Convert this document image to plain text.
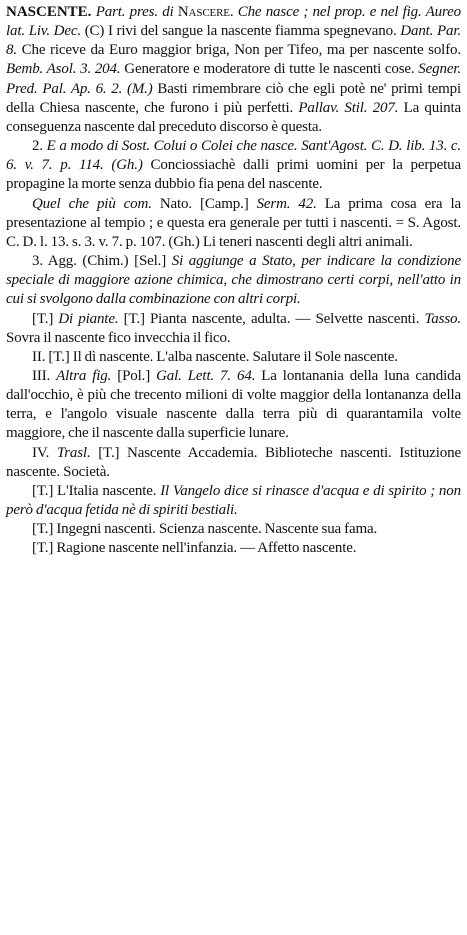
NASCENTE. Part. pres. di Nascere. Che nasce ; nel prop. e nel fig. Aureo lat. Liv. Dec. (C) I rivi del sangue la nascente fiamma spegnevano. Dant. Par. 8. Che riceve da Euro maggior briga, Non per Tifeo, ma per nascente solfo. Bemb. Asol. 3. 204. Generatore e moderatore di tutte le nascenti cose. Segner. Pred. Pal. Ap. 6. 2. (M.) Basti rimembrare ciò che egli potè ne' primi tempi della Chiesa nascente, che furono i più perfetti. Pallav. Stil. 207. La quinta conseguenza nascente dal preceduto discorso è questa.

2. E a modo di Sost. Colui o Colei che nasce. Sant'Agost. C. D. lib. 13. c. 6. v. 7. p. 114. (Gh.) Conciossiachè dalli primi uomini per la perpetua propagine la morte senza dubbio fia pena del nascente.

Quel che più com. Nato. [Camp.] Serm. 42. La prima cosa era la presentazione al tempio ; e questa era generale per tutti i nascenti. = S. Agost. C. D. l. 13. s. 3. v. 7. p. 107. (Gh.) Li teneri nascenti degli altri animali.

3. Agg. (Chim.) [Sel.] Si aggiunge a Stato, per indicare la condizione speciale di maggiore azione chimica, che dimostrano certi corpi, nell'atto in cui si svolgono dalla combinazione con altri corpi.

[T.] Di piante. [T.] Pianta nascente, adulta. — Selvette nascenti. Tasso. Sovra il nascente fico invecchia il fico.

II. [T.] Il dì nascente. L'alba nascente. Salutare il Sole nascente.

III. Altra fig. [Pol.] Gal. Lett. 7. 64. La lontanania della luna candida dall'occhio, è più che trecento milioni di volte maggior della lontananza della terra, e l'angolo visuale nascente dalla terra più di quarantamila volte maggiore, che il nascente dalla superficie lunare.

IV. Trasl. [T.] Nascente Accademia. Biblioteche nascenti. Istituzione nascente. Società.

[T.] L'Italia nascente. Il Vangelo dice si rinasce d'acqua e di spirito ; non però d'acqua fetida nè di spiriti bestiali.

[T.] Ingegni nascenti. Scienza nascente. Nascente sua fama.

[T.] Ragione nascente nell'infanzia. — Affetto nascente.
